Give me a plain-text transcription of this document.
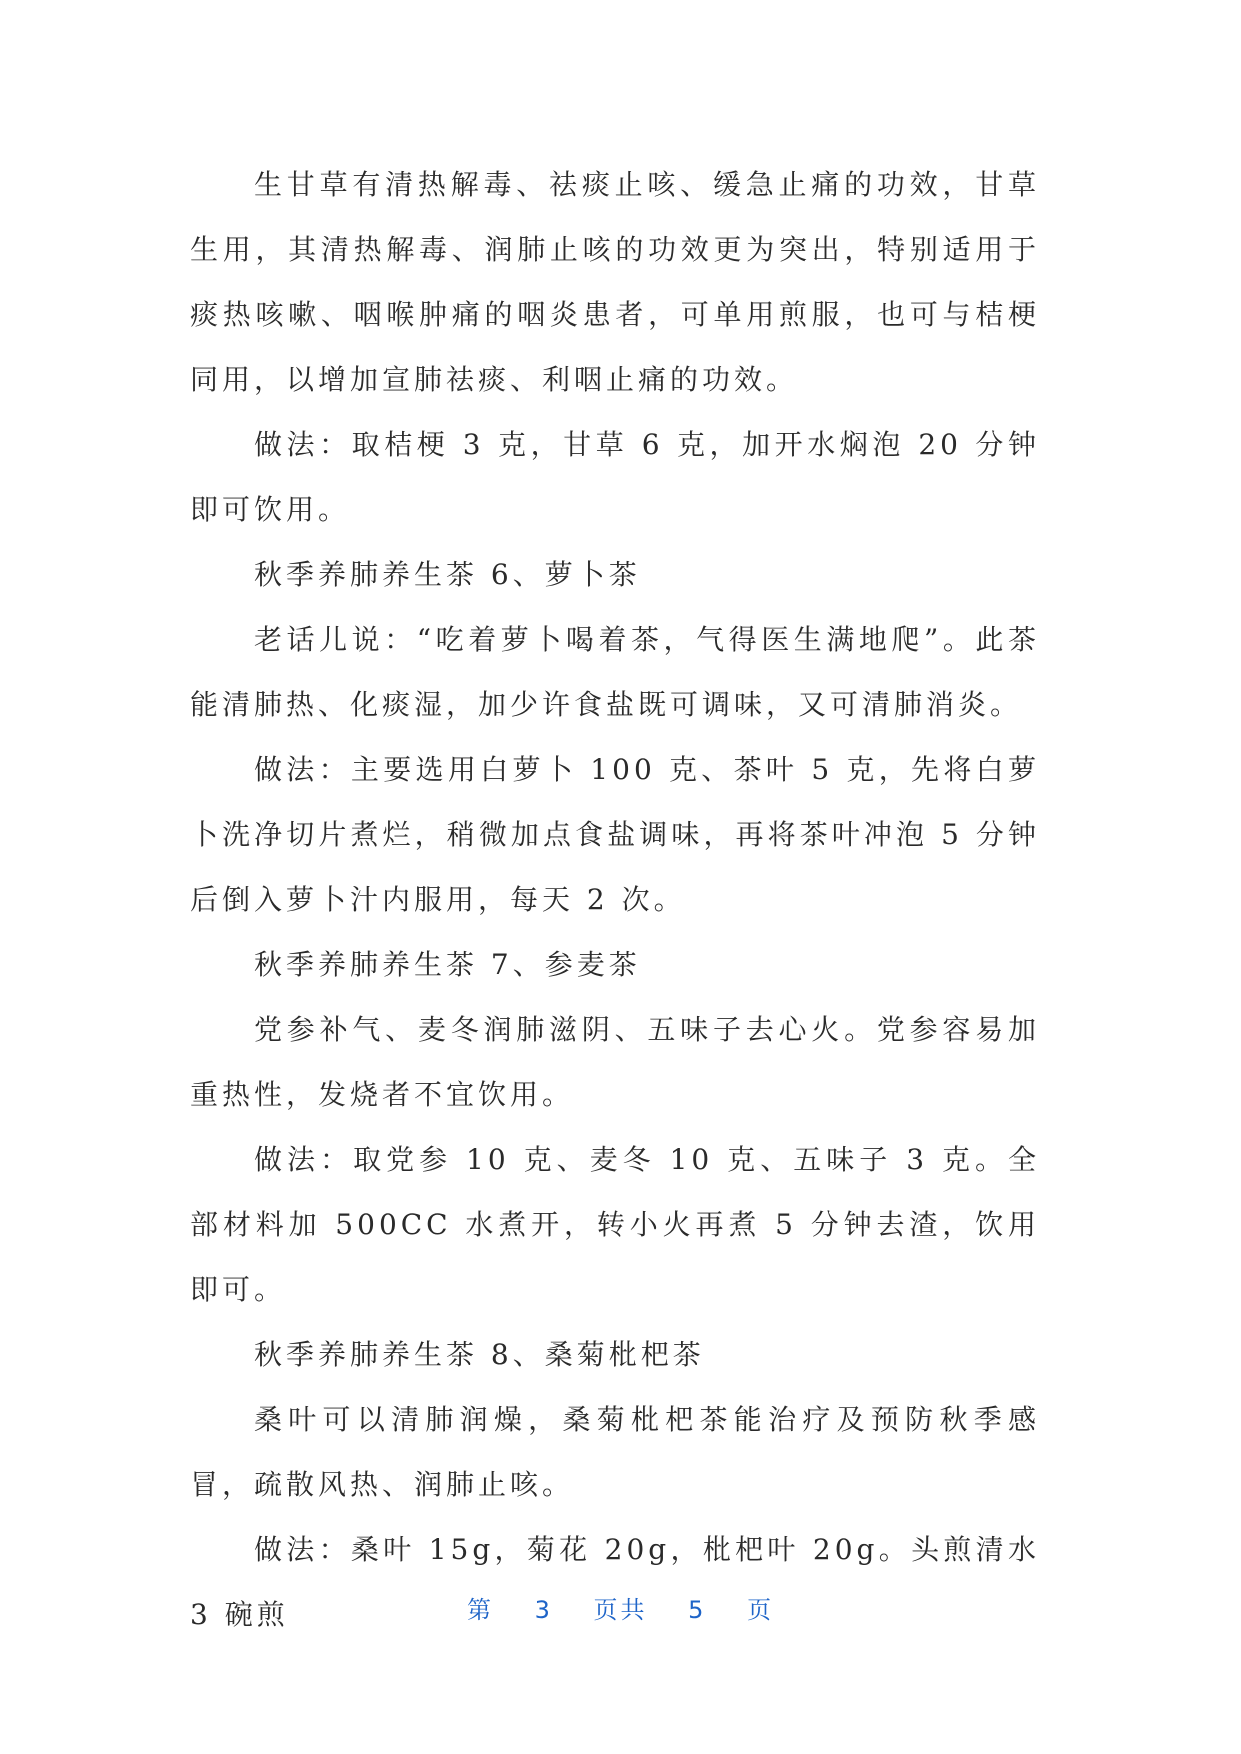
生甘草有清热解毒、祛痰止咳、缓急止痛的功效，甘草生用，其清热解毒、润肺止咳的功效更为突出，特别适用于痰热咳嗽、咽喉肿痛的咽炎患者，可单用煎服，也可与桔梗同用，以增加宣肺祛痰、利咽止痛的功效。

做法：取桔梗 3 克，甘草 6 克，加开水焖泡 20 分钟即可饮用。

秋季养肺养生茶 6、萝卜茶

老话儿说：“吃着萝卜喝着茶，气得医生满地爬”。此茶能清肺热、化痰湿，加少许食盐既可调味，又可清肺消炎。

做法：主要选用白萝卜 100 克、茶叶 5 克，先将白萝卜洗净切片煮烂，稍微加点食盐调味，再将茶叶冲泡 5 分钟后倒入萝卜汁内服用，每天 2 次。

秋季养肺养生茶 7、参麦茶

党参补气、麦冬润肺滋阴、五味子去心火。党参容易加重热性，发烧者不宜饮用。

做法：取党参 10 克、麦冬 10 克、五味子 3 克。全部材料加 500CC 水煮开，转小火再煮 5 分钟去渣，饮用即可。

秋季养肺养生茶 8、桑菊枇杷茶

桑叶可以清肺润燥，桑菊枇杷茶能治疗及预防秋季感冒，疏散风热、润肺止咳。

做法：桑叶 15g，菊花 20g，枇杷叶 20g。头煎清水 3 碗煎	第 3 页共 5 页
